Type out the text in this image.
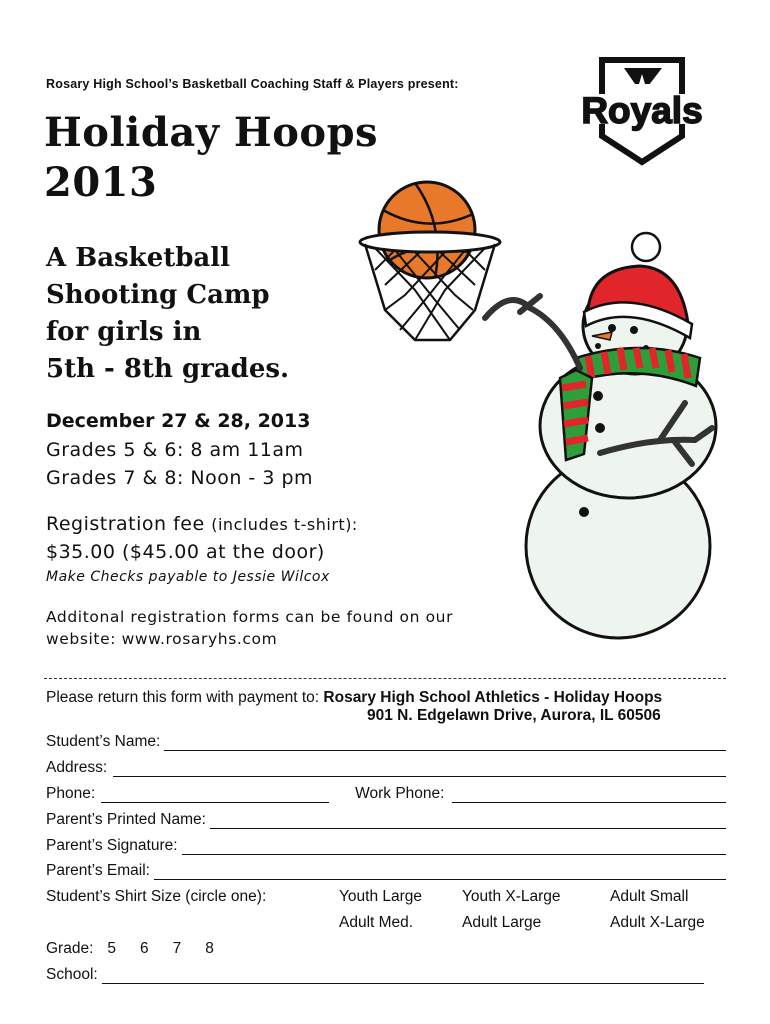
Rosary High School’s Basketball Coaching Staff & Players present:
Royals
Holiday Hoops
2013
A Basketball
Shooting Camp
for girls in
5th - 8th grades.
December 27 & 28, 2013
Grades 5 & 6: 8 am 11am
Grades 7 & 8: Noon - 3 pm
Registration fee (includes t-shirt):
$35.00 ($45.00 at the door)
Make Checks payable to Jessie Wilcox
Additonal registration forms can be found on our
website: www.rosaryhs.com
Please return this form with payment to: Rosary High School Athletics - Holiday Hoops
901 N. Edgelawn Drive, Aurora, IL 60506
Student’s Name:
Address:
Phone:	Work Phone:
Parent’s Printed Name:
Parent’s Signature:
Parent’s Email:
Student’s Shirt Size (circle one):	Youth Large	Youth X-Large	Adult Small
Adult Med.	Adult Large	Adult X-Large
Grade: 5 6 7 8
School:
